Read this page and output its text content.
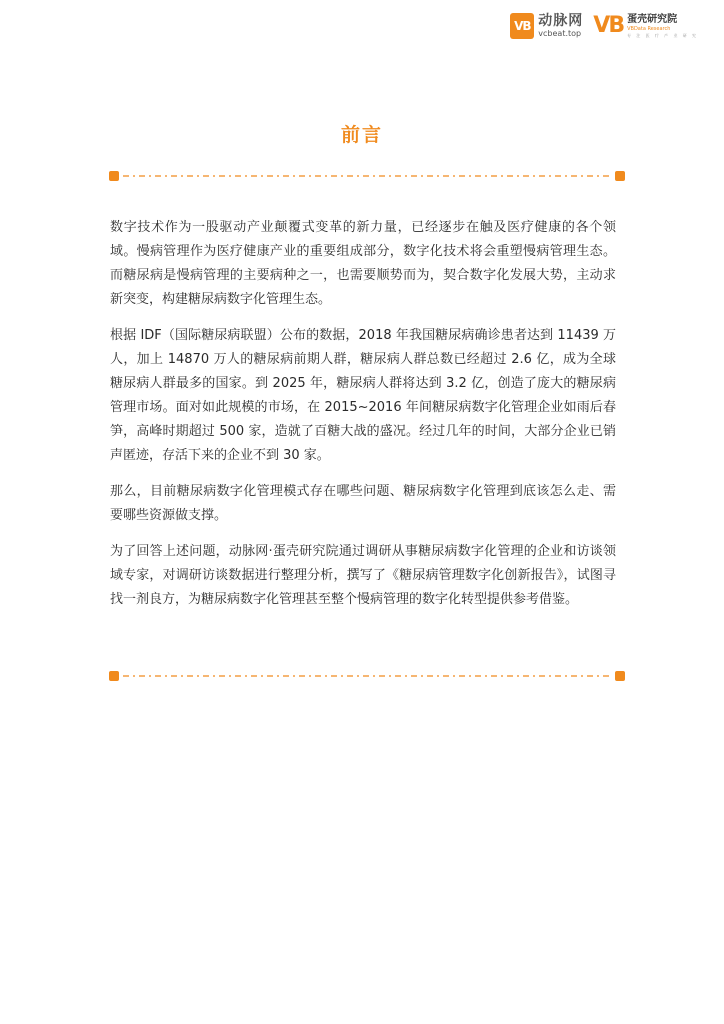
VB 动脉网
vcbeat.top VB 蛋壳研究院
VBData Research
专 注 医 疗 产 业 研 究
前言

数字技术作为一股驱动产业颠覆式变革的新力量，已经逐步在触及医疗健康的各个领域。慢病管理作为医疗健康产业的重要组成部分，数字化技术将会重塑慢病管理生态。而糖尿病是慢病管理的主要病种之一，也需要顺势而为，契合数字化发展大势，主动求新突变，构建糖尿病数字化管理生态。

根据 IDF（国际糖尿病联盟）公布的数据，2018 年我国糖尿病确诊患者达到 11439 万人，加上 14870 万人的糖尿病前期人群，糖尿病人群总数已经超过 2.6 亿，成为全球糖尿病人群最多的国家。到 2025 年，糖尿病人群将达到 3.2 亿，创造了庞大的糖尿病管理市场。面对如此规模的市场，在 2015~2016 年间糖尿病数字化管理企业如雨后春笋，高峰时期超过 500 家，造就了百糖大战的盛况。经过几年的时间，大部分企业已销声匿迹，存活下来的企业不到 30 家。

那么，目前糖尿病数字化管理模式存在哪些问题、糖尿病数字化管理到底该怎么走、需要哪些资源做支撑。

为了回答上述问题，动脉网·蛋壳研究院通过调研从事糖尿病数字化管理的企业和访谈领域专家，对调研访谈数据进行整理分析，撰写了《糖尿病管理数字化创新报告》，试图寻找一剂良方，为糖尿病数字化管理甚至整个慢病管理的数字化转型提供参考借鉴。
